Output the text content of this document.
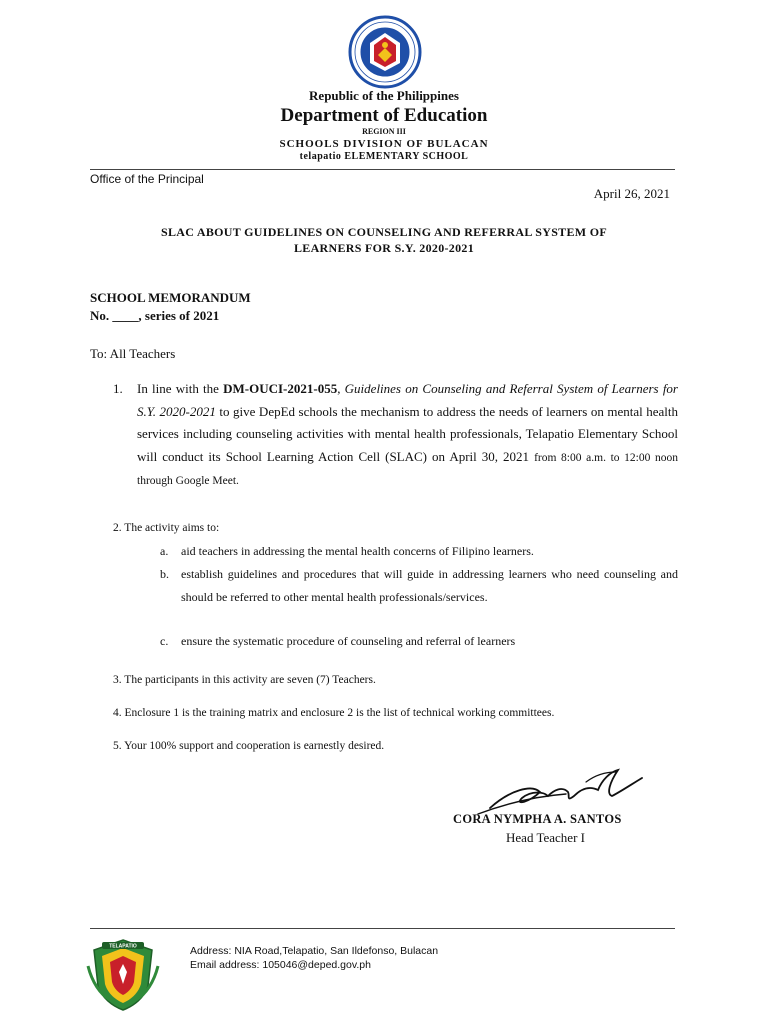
Republic of the Philippines
Department of Education
REGION III
SCHOOLS DIVISION OF BULACAN
telapatio ELEMENTARY SCHOOL
Office of the Principal
April 26, 2021
SLAC ABOUT GUIDELINES ON COUNSELING AND REFERRAL SYSTEM OF
LEARNERS FOR S.Y. 2020-2021
SCHOOL MEMORANDUM
No. ____, series of 2021
To: All Teachers
1. In line with the DM-OUCI-2021-055, Guidelines on Counseling and Referral System of Learners for S.Y. 2020-2021 to give DepEd schools the mechanism to address the needs of learners on mental health services including counseling activities with mental health professionals, Telapatio Elementary School will conduct its School Learning Action Cell (SLAC) on April 30, 2021 from 8:00 a.m. to 12:00 noon through Google Meet.
2. The activity aims to:
a. aid teachers in addressing the mental health concerns of Filipino learners.
b. establish guidelines and procedures that will guide in addressing learners who need counseling and should be referred to other mental health professionals/services.
c. ensure the systematic procedure of counseling and referral of learners
3. The participants in this activity are seven (7) Teachers.
4. Enclosure 1 is the training matrix and enclosure 2 is the list of technical working committees.
5. Your 100% support and cooperation is earnestly desired.
CORA NYMPHA A. SANTOS
Head Teacher I
TELAPATIO	Address: NIA Road,Telapatio, San Ildefonso, Bulacan
Email address: 105046@deped.gov.ph
